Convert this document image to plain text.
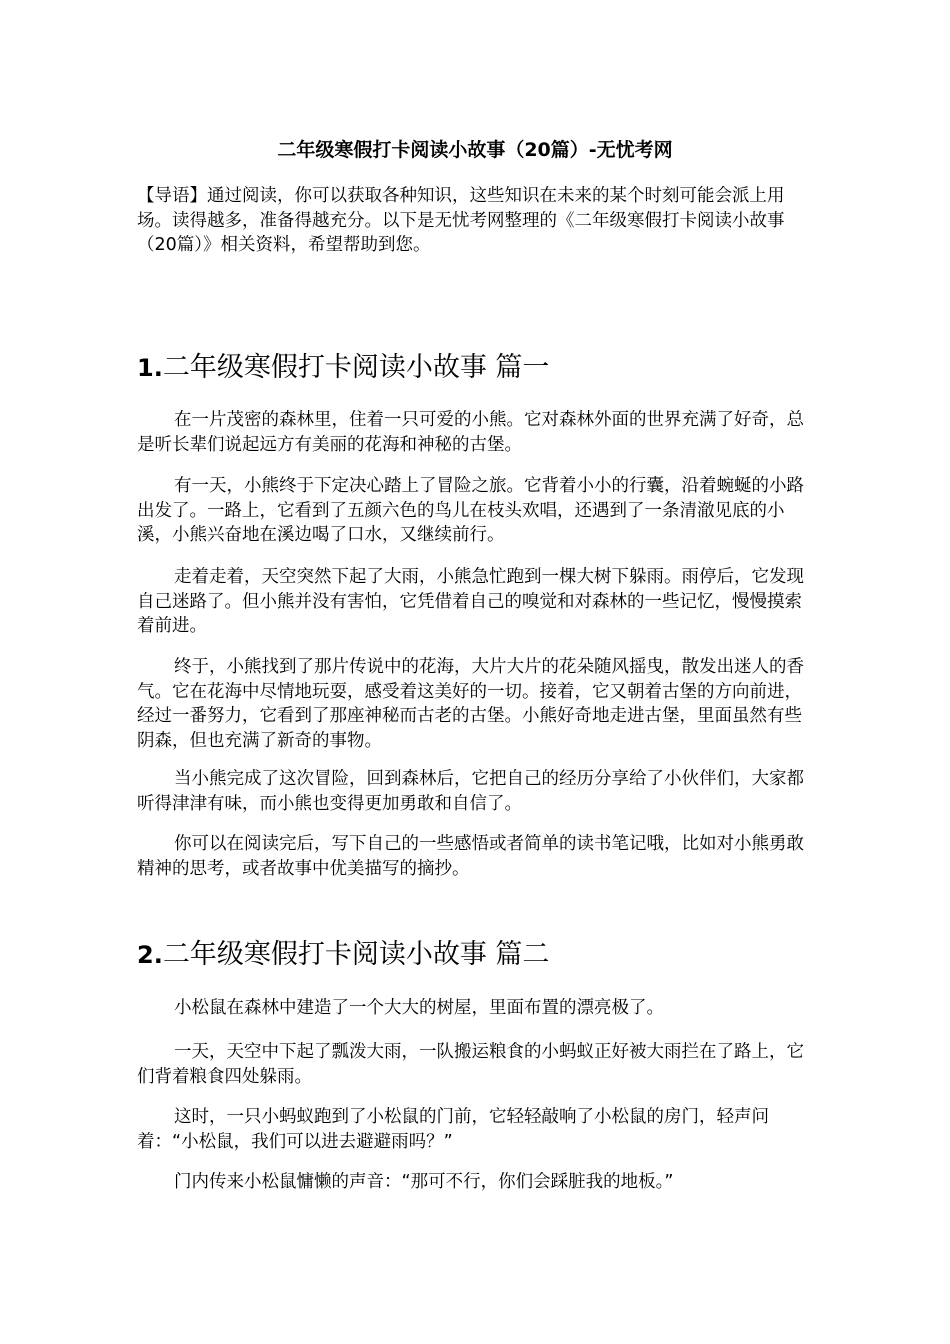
二年级寒假打卡阅读小故事（20篇）-无忧考网

【导语】通过阅读，你可以获取各种知识，这些知识在未来的某个时刻可能会派上用场。读得越多，准备得越充分。以下是无忧考网整理的《二年级寒假打卡阅读小故事（20篇）》相关资料，希望帮助到您。

1.二年级寒假打卡阅读小故事 篇一

在一片茂密的森林里，住着一只可爱的小熊。它对森林外面的世界充满了好奇，总是听长辈们说起远方有美丽的花海和神秘的古堡。

有一天，小熊终于下定决心踏上了冒险之旅。它背着小小的行囊，沿着蜿蜒的小路出发了。一路上，它看到了五颜六色的鸟儿在枝头欢唱，还遇到了一条清澈见底的小溪，小熊兴奋地在溪边喝了口水，又继续前行。

走着走着，天空突然下起了大雨，小熊急忙跑到一棵大树下躲雨。雨停后，它发现自己迷路了。但小熊并没有害怕，它凭借着自己的嗅觉和对森林的一些记忆，慢慢摸索着前进。

终于，小熊找到了那片传说中的花海，大片大片的花朵随风摇曳，散发出迷人的香气。它在花海中尽情地玩耍，感受着这美好的一切。接着，它又朝着古堡的方向前进，经过一番努力，它看到了那座神秘而古老的古堡。小熊好奇地走进古堡，里面虽然有些阴森，但也充满了新奇的事物。

当小熊完成了这次冒险，回到森林后，它把自己的经历分享给了小伙伴们，大家都听得津津有味，而小熊也变得更加勇敢和自信了。

你可以在阅读完后，写下自己的一些感悟或者简单的读书笔记哦，比如对小熊勇敢精神的思考，或者故事中优美描写的摘抄。

2.二年级寒假打卡阅读小故事 篇二

小松鼠在森林中建造了一个大大的树屋，里面布置的漂亮极了。

一天，天空中下起了瓢泼大雨，一队搬运粮食的小蚂蚁正好被大雨拦在了路上，它们背着粮食四处躲雨。

这时，一只小蚂蚁跑到了小松鼠的门前，它轻轻敲响了小松鼠的房门，轻声问着：“小松鼠，我们可以进去避避雨吗？”

门内传来小松鼠慵懒的声音：“那可不行，你们会踩脏我的地板。”
